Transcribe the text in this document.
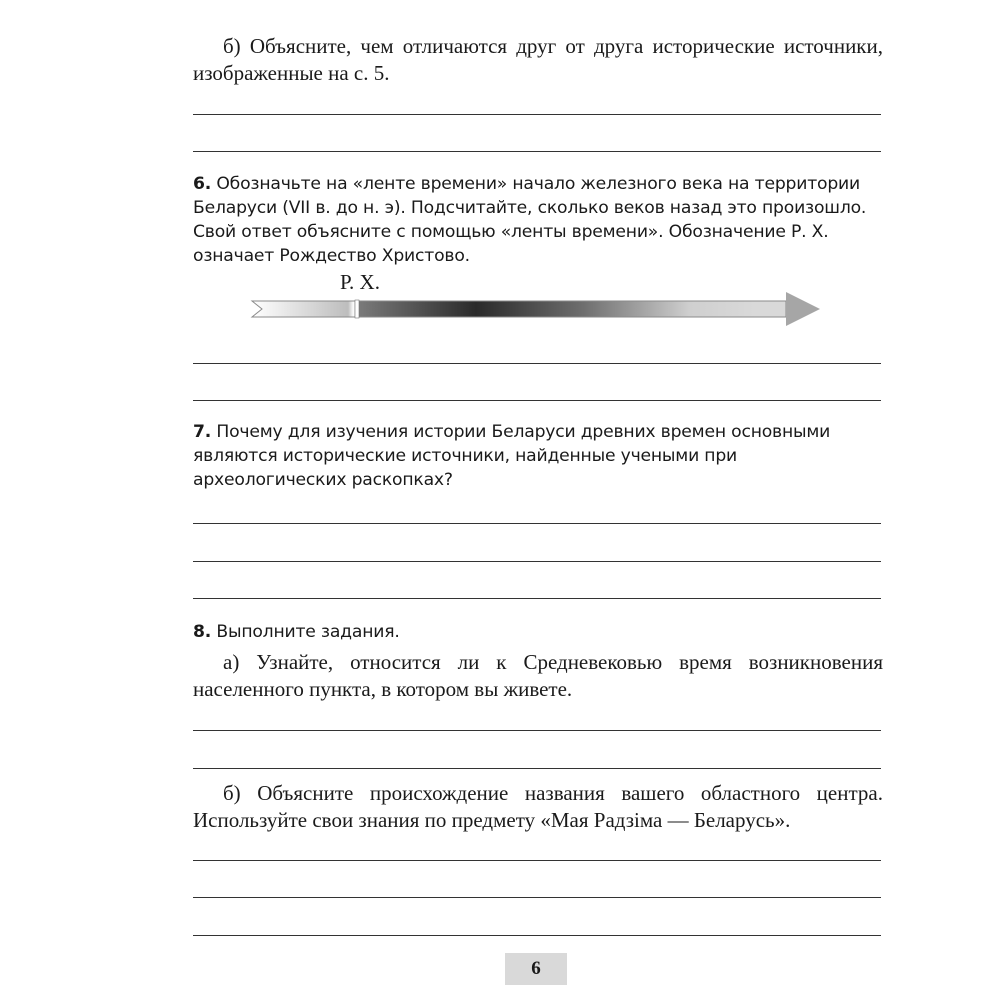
б) Объясните, чем отличаются друг от друга исторические источники, изображенные на с. 5.

6. Обозначьте на «ленте времени» начало железного века на территории Беларуси (VII в. до н. э). Подсчитайте, сколько веков назад это произошло. Свой ответ объясните с помощью «ленты времени». Обозначение Р. Х. означает Рождество Христово.

Р. Х.

7. Почему для изучения истории Беларуси древних времен основными являются исторические источники, найденные учеными при археологических раскопках?

8. Выполните задания.

а) Узнайте, относится ли к Средневековью время возникновения населенного пункта, в котором вы живете.

б) Объясните происхождение названия вашего областного центра. Используйте свои знания по предмету «Мая Радзіма — Беларусь».

6
